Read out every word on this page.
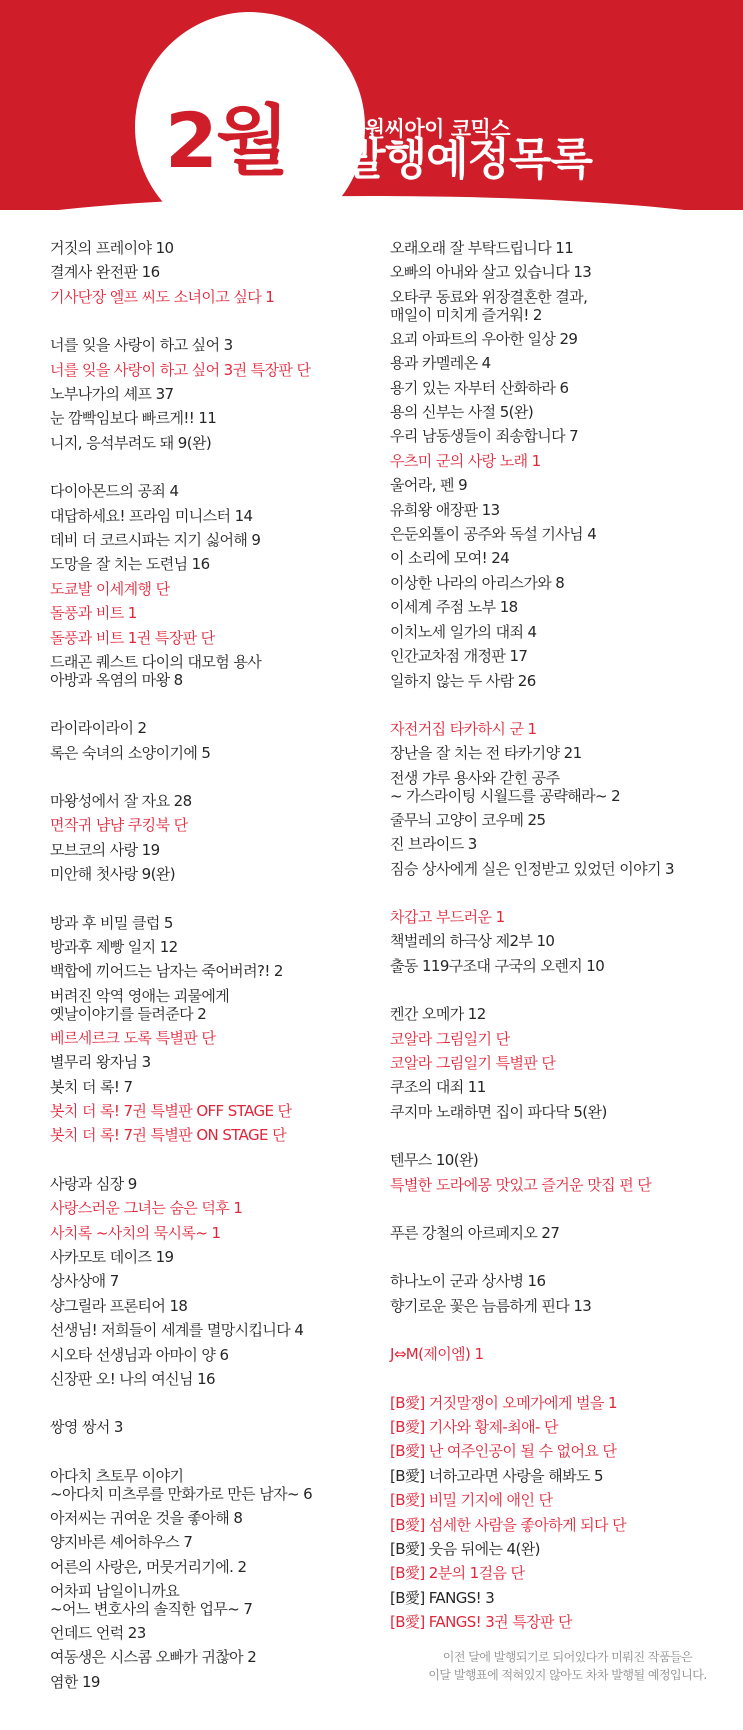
2월	대원씨아이 코믹스
발행예정목록
거짓의 프레이야 10
결계사 완전판 16
기사단장 엘프 씨도 소녀이고 싶다 1
너를 잊을 사랑이 하고 싶어 3
너를 잊을 사랑이 하고 싶어 3권 특장판 단
노부나가의 셰프 37
눈 깜빡임보다 빠르게!! 11
니지, 응석부려도 돼 9(완)
다이아몬드의 공죄 4
대답하세요! 프라임 미니스터 14
데비 더 코르시파는 지기 싫어해 9
도망을 잘 치는 도련님 16
도쿄발 이세계행 단
돌풍과 비트 1
돌풍과 비트 1권 특장판 단
드래곤 퀘스트 다이의 대모험 용사
아방과 옥염의 마왕 8
라이라이라이 2
록은 숙녀의 소양이기에 5
마왕성에서 잘 자요 28
면작귀 냠냠 쿠킹북 단
모브코의 사랑 19
미안해 첫사랑 9(완)
방과 후 비밀 클럽 5
방과후 제빵 일지 12
백합에 끼어드는 남자는 죽어버려?! 2
버려진 악역 영애는 괴물에게
옛날이야기를 들려준다 2
베르세르크 도록 특별판 단
별무리 왕자님 3
봇치 더 록! 7
봇치 더 록! 7권 특별판 OFF STAGE 단
봇치 더 록! 7권 특별판 ON STAGE 단
사랑과 심장 9
사랑스러운 그녀는 숨은 덕후 1
사치록 ~사치의 묵시록~ 1
사카모토 데이즈 19
상사상애 7
샹그릴라 프론티어 18
선생님! 저희들이 세계를 멸망시킵니다 4
시오타 선생님과 아마이 양 6
신장판 오! 나의 여신님 16
쌍영 쌍서 3
아다치 츠토무 이야기
~아다치 미츠루를 만화가로 만든 남자~ 6
아저씨는 귀여운 것을 좋아해 8
양지바른 셰어하우스 7
어른의 사랑은, 머뭇거리기에. 2
어차피 남일이니까요
~어느 변호사의 솔직한 업무~ 7
언데드 언럭 23
여동생은 시스콤 오빠가 귀찮아 2
염한 19
오래오래 잘 부탁드립니다 11
오빠의 아내와 살고 있습니다 13
오타쿠 동료와 위장결혼한 결과,
매일이 미치게 즐거워! 2
요괴 아파트의 우아한 일상 29
용과 카멜레온 4
용기 있는 자부터 산화하라 6
용의 신부는 사절 5(완)
우리 남동생들이 죄송합니다 7
우츠미 군의 사랑 노래 1
울어라, 펜 9
유희왕 애장판 13
은둔외톨이 공주와 독설 기사님 4
이 소리에 모여! 24
이상한 나라의 아리스가와 8
이세계 주점 노부 18
이치노세 일가의 대죄 4
인간교차점 개정판 17
일하지 않는 두 사람 26
자전거집 타카하시 군 1
장난을 잘 치는 전 타카기양 21
전생 갸루 용사와 갇힌 공주
~ 가스라이팅 시월드를 공략해라~ 2
줄무늬 고양이 코우메 25
진 브라이드 3
짐승 상사에게 실은 인정받고 있었던 이야기 3
차갑고 부드러운 1
책벌레의 하극상 제2부 10
출동 119구조대 구국의 오렌지 10
켄간 오메가 12
코알라 그림일기 단
코알라 그림일기 특별판 단
쿠조의 대죄 11
쿠지마 노래하면 집이 파다닥 5(완)
텐무스 10(완)
특별한 도라에몽 맛있고 즐거운 맛집 편 단
푸른 강철의 아르페지오 27
하나노이 군과 상사병 16
향기로운 꽃은 늠름하게 핀다 13
J⇔M(제이엠) 1
[B愛] 거짓말쟁이 오메가에게 벌을 1
[B愛] 기사와 황제-최애- 단
[B愛] 난 여주인공이 될 수 없어요 단
[B愛] 너하고라면 사랑을 해봐도 5
[B愛] 비밀 기지에 애인 단
[B愛] 섬세한 사람을 좋아하게 되다 단
[B愛] 웃음 뒤에는 4(완)
[B愛] 2분의 1걸음 단
[B愛] FANGS! 3
[B愛] FANGS! 3권 특장판 단
이전 달에 발행되기로 되어있다가 미뤄진 작품들은
이달 발행표에 적혀있지 않아도 차차 발행될 예정입니다.
